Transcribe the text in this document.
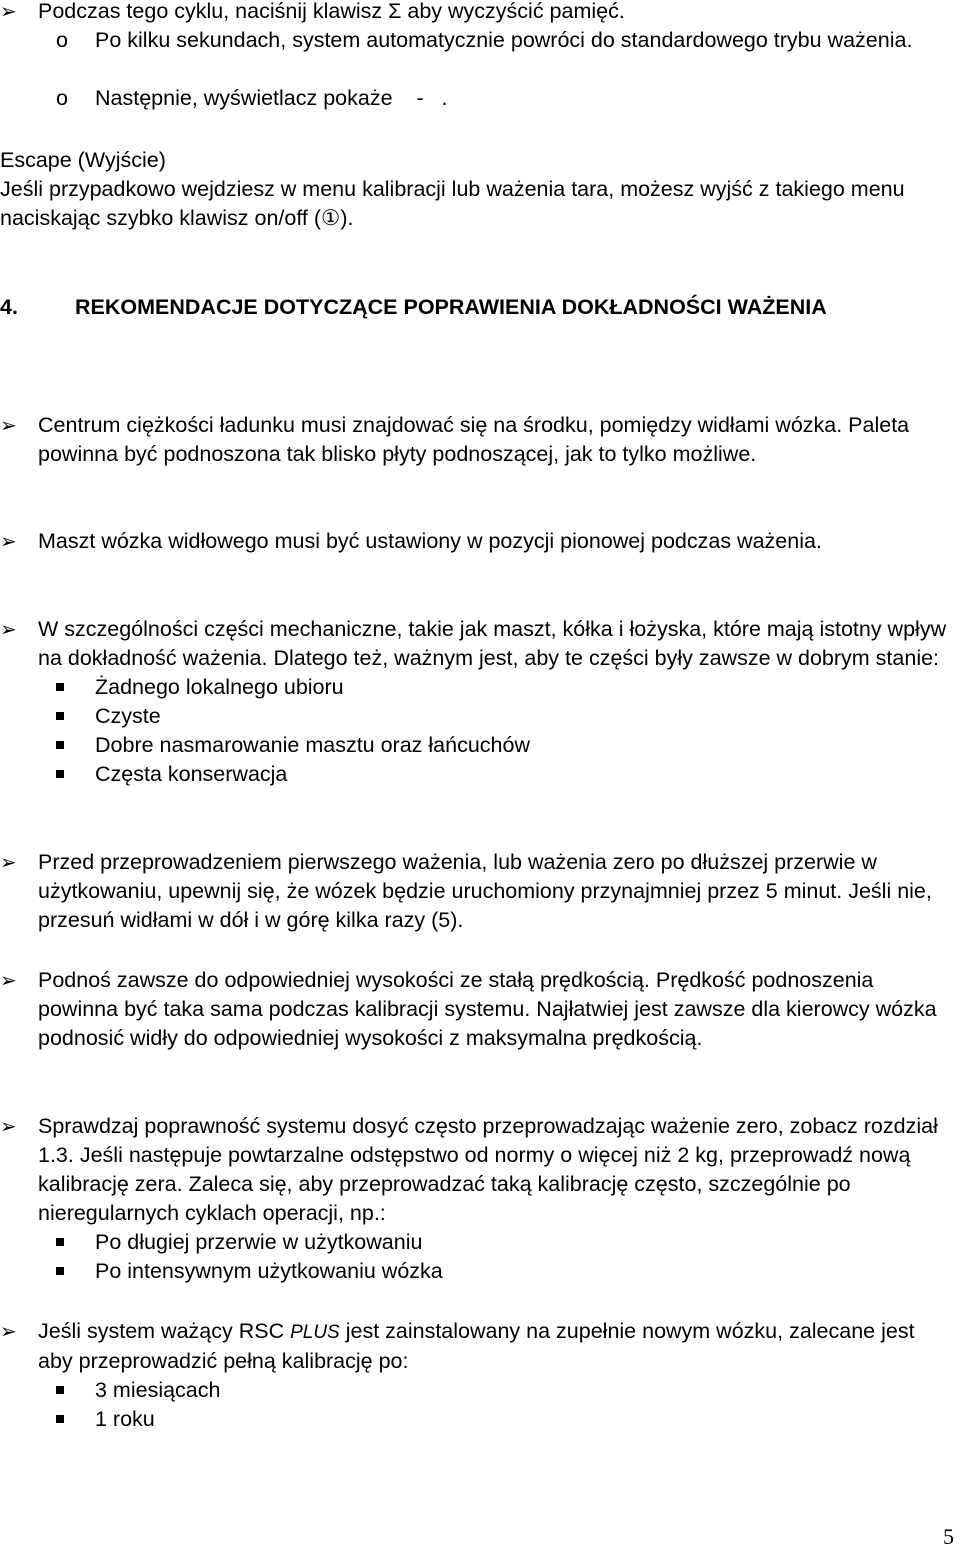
➢ Podczas tego cyklu, naciśnij klawisz Σ aby wyczyścić pamięć.
o Po kilku sekundach, system automatycznie powróci do standardowego trybu ważenia.
o Następnie, wyświetlacz pokaże    -   .
Escape (Wyjście)
Jeśli przypadkowo wejdziesz w menu kalibracji lub ważenia tara, możesz wyjść z takiego menu naciskając szybko klawisz on/off (①).
4.	REKOMENDACJE DOTYCZĄCE POPRAWIENIA DOKŁADNOŚCI WAŻENIA
➢ Centrum ciężkości ładunku musi znajdować się na środku, pomiędzy widłami wózka. Paleta powinna być podnoszona tak blisko płyty podnoszącej, jak to tylko możliwe.
➢ Maszt wózka widłowego musi być ustawiony w pozycji pionowej podczas ważenia.
➢ W szczególności części mechaniczne, takie jak maszt, kółka i łożyska, które mają istotny wpływ na dokładność ważenia. Dlatego też, ważnym jest, aby te części były zawsze w dobrym stanie:
Żadnego lokalnego ubioru
Czyste
Dobre nasmarowanie masztu oraz łańcuchów
Częsta konserwacja
➢ Przed przeprowadzeniem pierwszego ważenia, lub ważenia zero po dłuższej przerwie w użytkowaniu, upewnij się, że wózek będzie uruchomiony przynajmniej przez 5 minut. Jeśli nie, przesuń widłami w dół i w górę kilka razy (5).
➢ Podnoś zawsze do odpowiedniej wysokości ze stałą prędkością. Prędkość podnoszenia powinna być taka sama podczas kalibracji systemu. Najłatwiej jest zawsze dla kierowcy wózka podnosić widły do odpowiedniej wysokości z maksymalna prędkością.
➢ Sprawdzaj poprawność systemu dosyć często przeprowadzając ważenie zero, zobacz rozdział 1.3. Jeśli następuje powtarzalne odstępstwo od normy o więcej niż 2 kg, przeprowadź nową kalibrację zera. Zaleca się, aby przeprowadzać taką kalibrację często, szczególnie po nieregularnych cyklach operacji, np.:
Po długiej przerwie w użytkowaniu
Po intensywnym użytkowaniu wózka
➢ Jeśli system ważący RSC PLUS jest zainstalowany na zupełnie nowym wózku, zalecane jest aby przeprowadzić pełną kalibrację po:
3 miesiącach
1 roku
5
